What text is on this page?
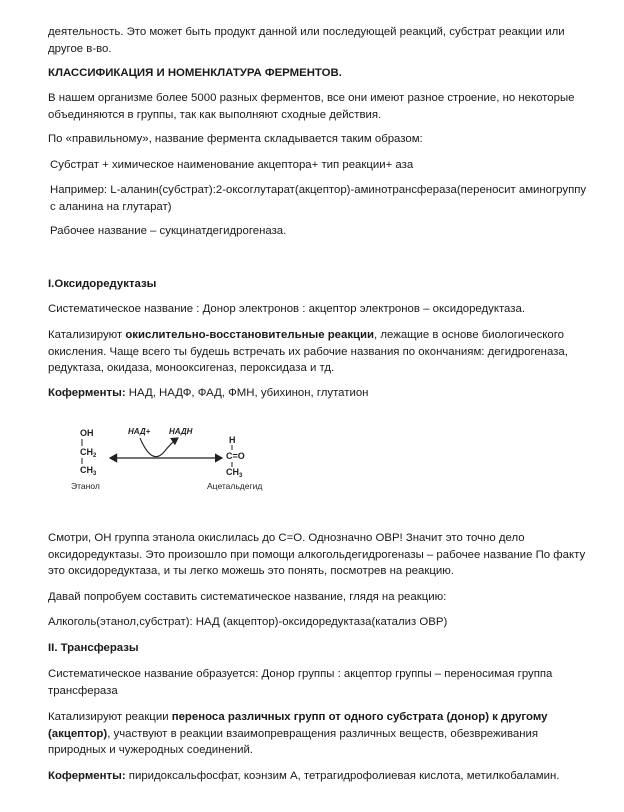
деятельность. Это может быть продукт данной или последующей реакций, субстрат реакции или другое в-во.

КЛАССИФИКАЦИЯ И НОМЕНКЛАТУРА ФЕРМЕНТОВ.

В нашем организме более 5000 разных ферментов, все они имеют разное строение, но некоторые объединяются в группы, так как выполняют сходные действия.

По «правильному», название фермента складывается таким образом:

Субстрат + химическое наименование акцептора+ тип реакции+ аза

Например: L-аланин(субстрат):2-оксоглутарат(акцептор)-аминотрансфераза(переносит аминогруппу с аланина на глутарат)

Рабочее название – сукцинатдегидрогеназа.

I.Оксидоредуктазы

Систематическое название : Донор электронов : акцептор электронов – оксидоредуктаза.

Катализируют окислительно-восстановительные реакции, лежащие в основе биологического окисления. Чаще всего ты будешь встречать их рабочие названия по окончаниям: дегидрогеназа, редуктаза, окидаза, монооксигеназ, пероксидаза и тд.

Коферменты: НАД, НАДФ, ФАД, ФМН, убихинон, глутатион

OH
$CH_2$
$CH_3$
Этанол
НАД+ НАДН
H
C=O
$CH_3$
Ацетальдегид

Смотри, ОН группа этанола окислилась до С=О. Однозначно ОВР! Значит это точно дело оксидоредуктазы. Это произошло при помощи алкогольдегидрогеназы – рабочее название По факту это оксидоредуктаза, и ты легко можешь это понять, посмотрев на реакцию.

Давай попробуем составить систематическое название, глядя на реакцию:

Алкоголь(этанол,субстрат): НАД (акцептор)-оксидоредуктаза(катализ ОВР)

II. Трансферазы

Систематическое название образуется: Донор группы : акцептор группы – переносимая группа трансфераза

Катализируют реакции переноса различных групп от одного субстрата (донор) к другому (акцептор), участвуют в реакции взаимопревращения различных веществ, обезвреживания природных и чужеродных соединений.

Коферменты: пиридоксальфосфат, коэнзим А, тетрагидрофолиевая кислота, метилкобаламин.
